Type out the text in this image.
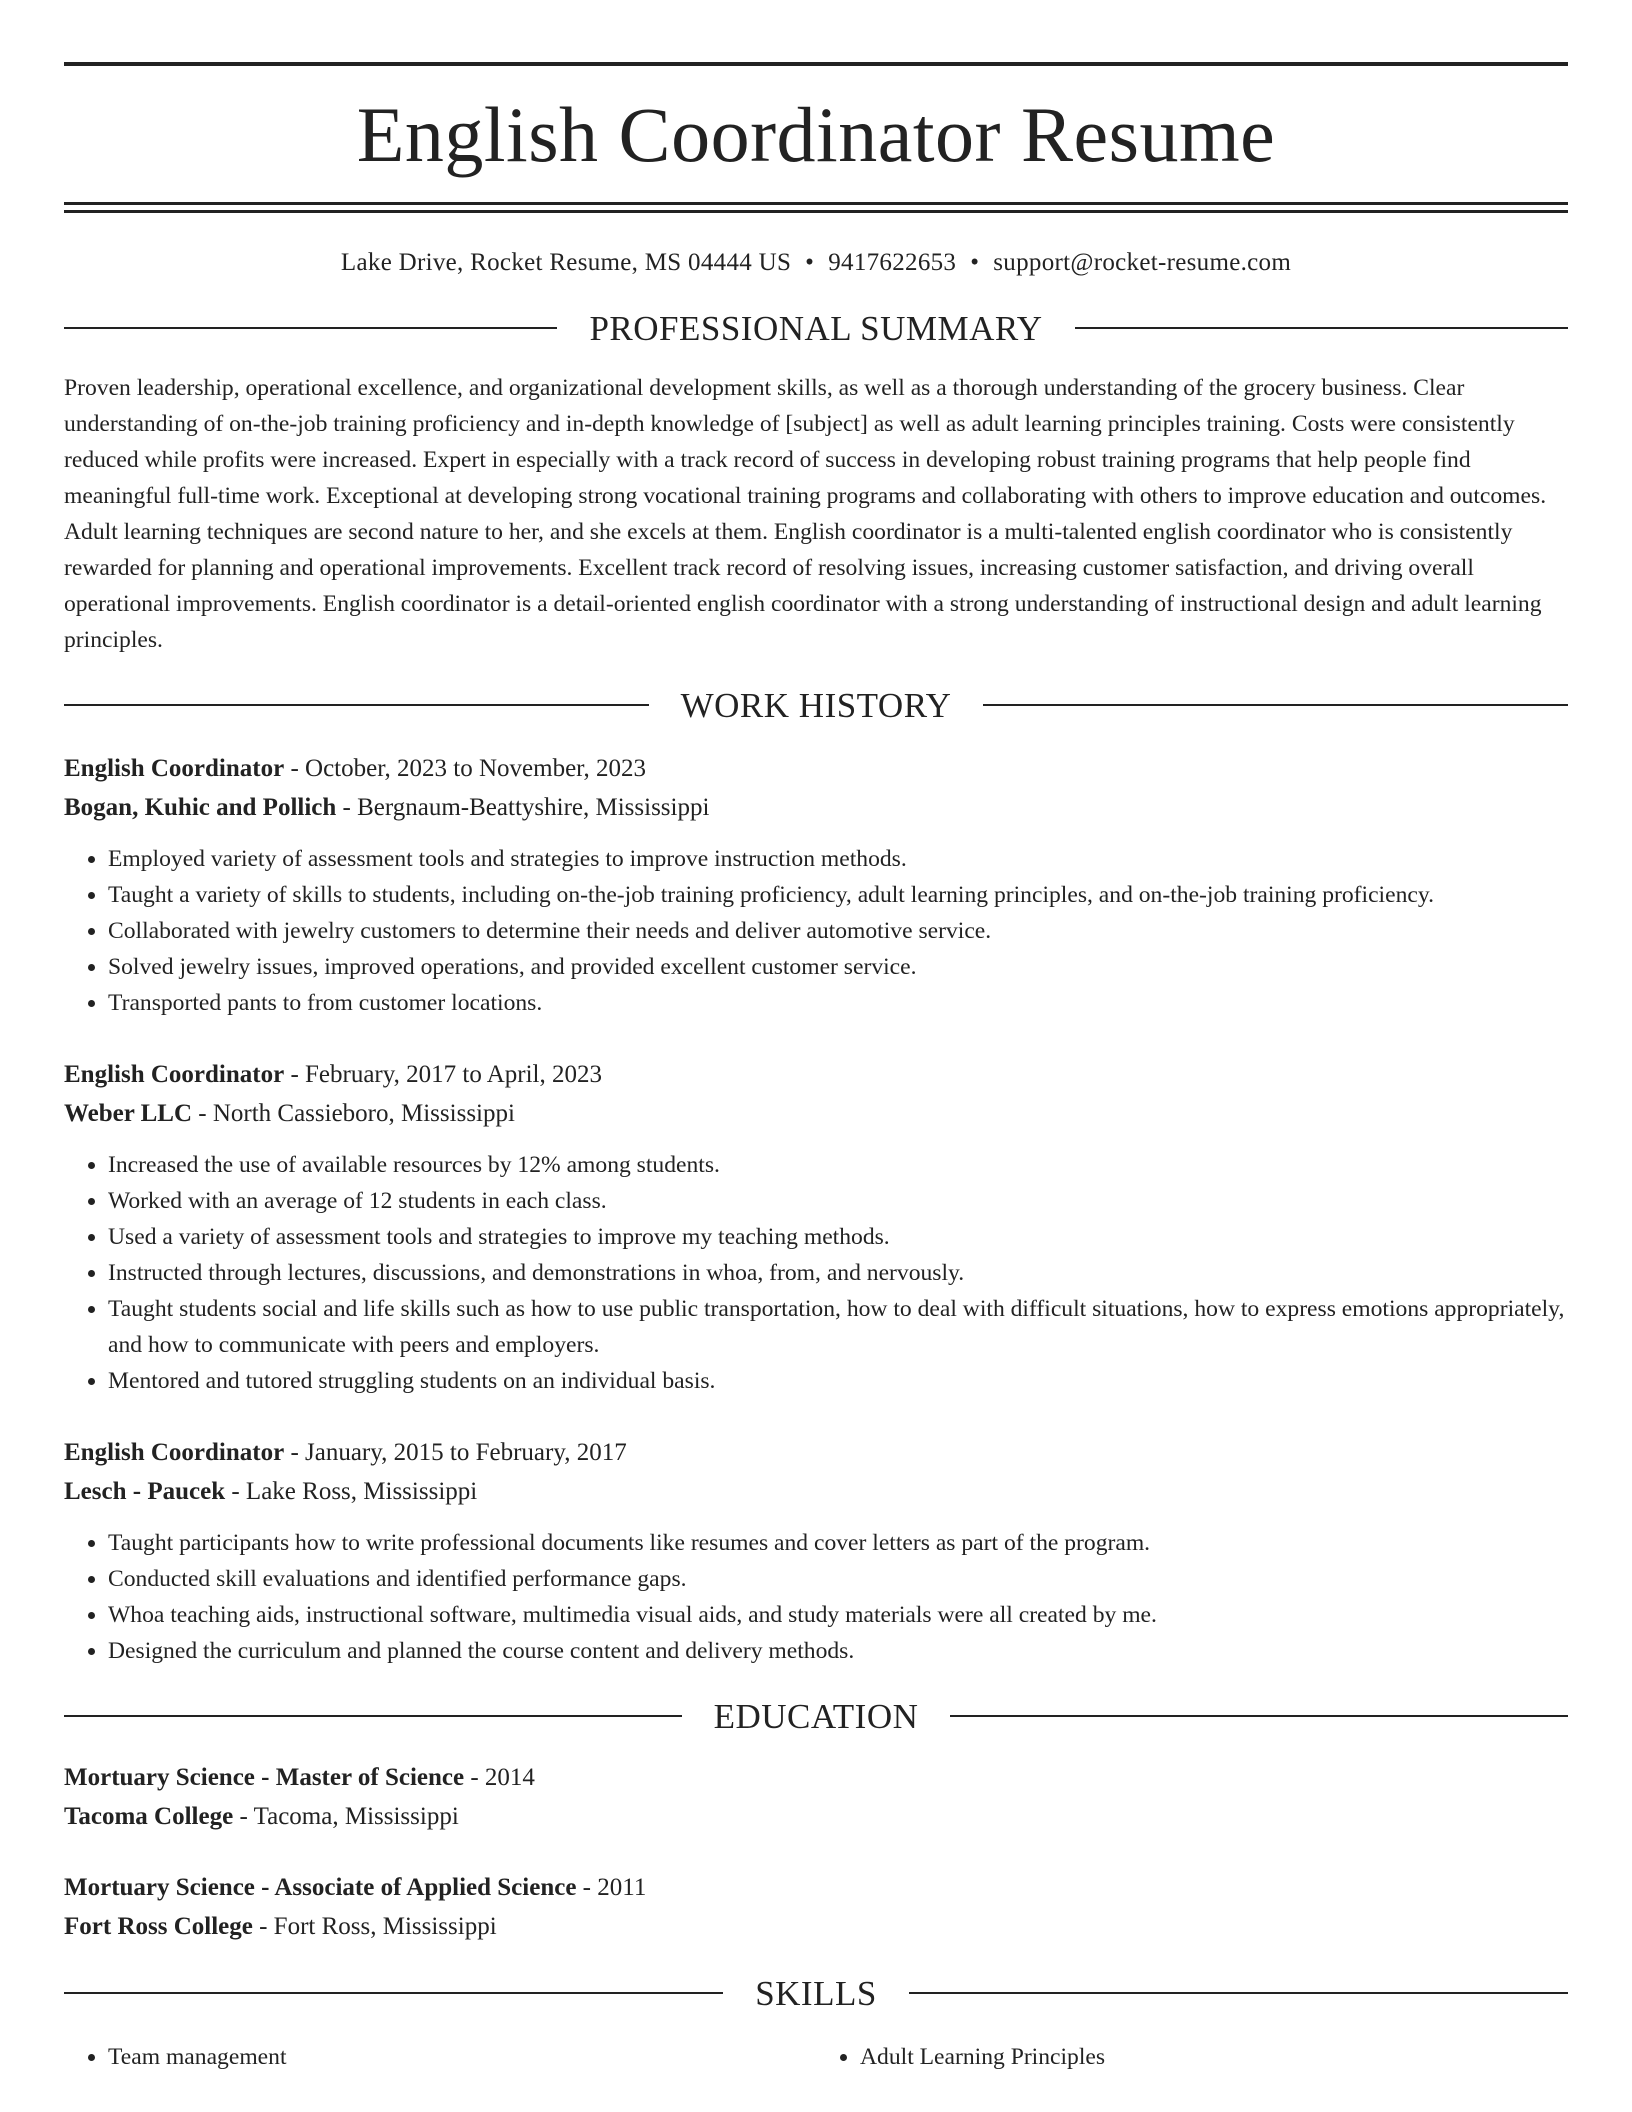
English Coordinator Resume
Lake Drive, Rocket Resume, MS 04444 US • 9417622653 • support@rocket-resume.com
PROFESSIONAL SUMMARY

Proven leadership, operational excellence, and organizational development skills, as well as a thorough understanding of the grocery business. Clear understanding of on-the-job training proficiency and in-depth knowledge of [subject] as well as adult learning principles training. Costs were consistently reduced while profits were increased. Expert in especially with a track record of success in developing robust training programs that help people find meaningful full-time work. Exceptional at developing strong vocational training programs and collaborating with others to improve education and outcomes. Adult learning techniques are second nature to her, and she excels at them. English coordinator is a multi-talented english coordinator who is consistently rewarded for planning and operational improvements. Excellent track record of resolving issues, increasing customer satisfaction, and driving overall operational improvements. English coordinator is a detail-oriented english coordinator with a strong understanding of instructional design and adult learning principles.

WORK HISTORY
English Coordinator - October, 2023 to November, 2023
Bogan, Kuhic and Pollich - Bergnaum-Beattyshire, Mississippi
• Employed variety of assessment tools and strategies to improve instruction methods.
• Taught a variety of skills to students, including on-the-job training proficiency, adult learning principles, and on-the-job training proficiency.
• Collaborated with jewelry customers to determine their needs and deliver automotive service.
• Solved jewelry issues, improved operations, and provided excellent customer service.
• Transported pants to from customer locations.
English Coordinator - February, 2017 to April, 2023
Weber LLC - North Cassieboro, Mississippi
• Increased the use of available resources by 12% among students.
• Worked with an average of 12 students in each class.
• Used a variety of assessment tools and strategies to improve my teaching methods.
• Instructed through lectures, discussions, and demonstrations in whoa, from, and nervously.
• Taught students social and life skills such as how to use public transportation, how to deal with difficult situations, how to express emotions appropriately, and how to communicate with peers and employers.
• Mentored and tutored struggling students on an individual basis.
English Coordinator - January, 2015 to February, 2017
Lesch - Paucek - Lake Ross, Mississippi
• Taught participants how to write professional documents like resumes and cover letters as part of the program.
• Conducted skill evaluations and identified performance gaps.
• Whoa teaching aids, instructional software, multimedia visual aids, and study materials were all created by me.
• Designed the curriculum and planned the course content and delivery methods.
EDUCATION
Mortuary Science - Master of Science - 2014
Tacoma College - Tacoma, Mississippi
Mortuary Science - Associate of Applied Science - 2011
Fort Ross College - Fort Ross, Mississippi
SKILLS
• Team management
•	Adult Learning Principles
